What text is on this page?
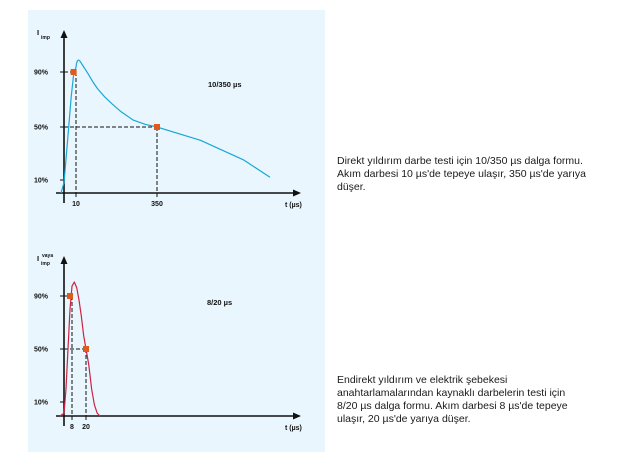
I
imp
90%
50%
10%
10	350	t (µs)
10/350 µs
I vaya
imp
90%
50%
10%
8 20	t (µs)
8/20 µs
Direkt yıldırım darbe testi için 10/350 µs dalga formu. Akım darbesi 10 µs'de tepeye ulaşır, 350 µs'de yarıya düşer.
Endirekt yıldırım ve elektrik şebekesi anahtarlamalarından kaynaklı darbelerin testi için 8/20 µs dalga formu. Akım darbesi 8 µs'de tepeye ulaşır, 20 µs'de yarıya düşer.
